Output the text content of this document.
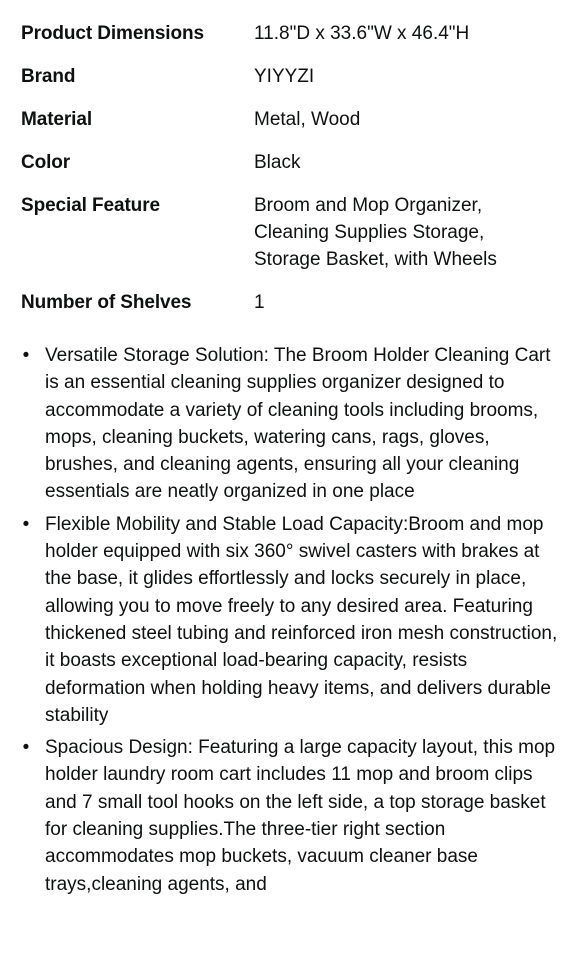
Product Dimensions	11.8"D x 33.6"W x 46.4"H
Brand	YIYYZI
Material	Metal, Wood
Color	Black
Special Feature	Broom and Mop Organizer,
Cleaning Supplies Storage,
Storage Basket, with Wheels
Number of Shelves	1
• Versatile Storage Solution: The Broom Holder Cleaning Cart is an essential cleaning supplies organizer designed to accommodate a variety of cleaning tools including brooms, mops, cleaning buckets, watering cans, rags, gloves, brushes, and cleaning agents, ensuring all your cleaning essentials are neatly organized in one place
• Flexible Mobility and Stable Load Capacity:Broom and mop holder equipped with six 360° swivel casters with brakes at the base, it glides effortlessly and locks securely in place, allowing you to move freely to any desired area. Featuring thickened steel tubing and reinforced iron mesh construction, it boasts exceptional load-bearing capacity, resists deformation when holding heavy items, and delivers durable stability
• Spacious Design: Featuring a large capacity layout, this mop holder laundry room cart includes 11 mop and broom clips and 7 small tool hooks on the left side, a top storage basket for cleaning supplies.The three-tier right section accommodates mop buckets, vacuum cleaner base trays,cleaning agents, and
